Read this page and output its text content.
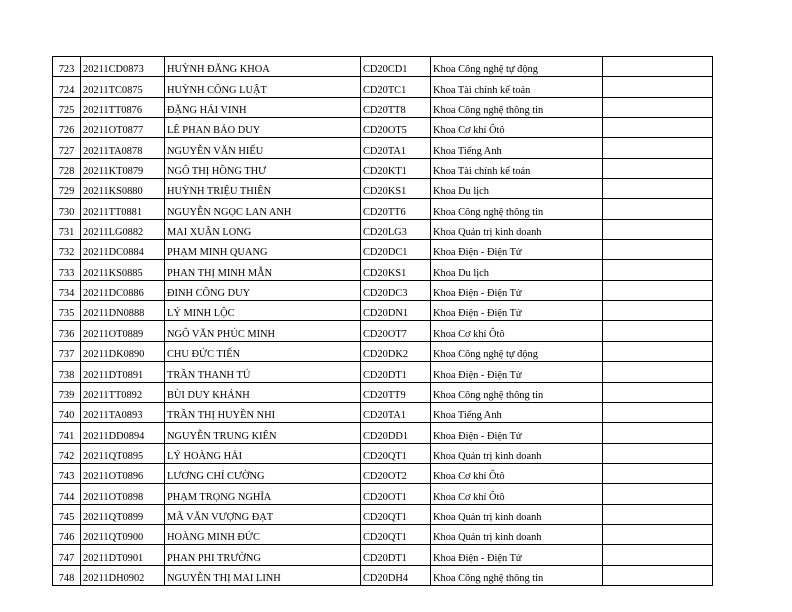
723	20211CD0873	HUỲNH ĐĂNG KHOA	CD20CD1	Khoa Công nghệ tự động	
724	20211TC0875	HUỲNH CÔNG LUẬT	CD20TC1	Khoa Tài chính kế toán	
725	20211TT0876	ĐẶNG HẢI VINH	CD20TT8	Khoa Công nghệ thông tin	
726	20211OT0877	LÊ PHAN BẢO DUY	CD20OT5	Khoa Cơ khí Ôtô	
727	20211TA0878	NGUYỄN VĂN HIẾU	CD20TA1	Khoa Tiếng Anh	
728	20211KT0879	NGÔ THỊ HỒNG THƯ	CD20KT1	Khoa Tài chính kế toán	
729	20211KS0880	HUỲNH TRIỆU THIÊN	CD20KS1	Khoa Du lịch	
730	20211TT0881	NGUYỄN NGỌC LAN ANH	CD20TT6	Khoa Công nghệ thông tin	
731	20211LG0882	MAI XUÂN LONG	CD20LG3	Khoa Quản trị kinh doanh	
732	20211DC0884	PHẠM MINH QUANG	CD20DC1	Khoa Điện - Điện Tử	
733	20211KS0885	PHAN THỊ MINH MẪN	CD20KS1	Khoa Du lịch	
734	20211DC0886	ĐINH CÔNG DUY	CD20DC3	Khoa Điện - Điện Tử	
735	20211DN0888	LÝ MINH LỘC	CD20DN1	Khoa Điện - Điện Tử	
736	20211OT0889	NGÔ VĂN PHÚC MINH	CD20OT7	Khoa Cơ khí Ôtô	
737	20211DK0890	CHU ĐỨC TIẾN	CD20DK2	Khoa Công nghệ tự động	
738	20211DT0891	TRẦN THANH TÚ	CD20DT1	Khoa Điện - Điện Tử	
739	20211TT0892	BÙI DUY KHÁNH	CD20TT9	Khoa Công nghệ thông tin	
740	20211TA0893	TRẦN THỊ HUYỀN NHI	CD20TA1	Khoa Tiếng Anh	
741	20211DD0894	NGUYỄN TRUNG KIÊN	CD20DD1	Khoa Điện - Điện Tử	
742	20211QT0895	LÝ HOÀNG HẢI	CD20QT1	Khoa Quản trị kinh doanh	
743	20211OT0896	LƯƠNG CHÍ CƯỜNG	CD20OT2	Khoa Cơ khí Ôtô	
744	20211OT0898	PHẠM TRỌNG NGHĨA	CD20OT1	Khoa Cơ khí Ôtô	
745	20211QT0899	MÃ VĂN VƯỢNG ĐẠT	CD20QT1	Khoa Quản trị kinh doanh	
746	20211QT0900	HOÀNG MINH ĐỨC	CD20QT1	Khoa Quản trị kinh doanh	
747	20211DT0901	PHAN PHI TRƯỜNG	CD20DT1	Khoa Điện - Điện Tử	
748	20211DH0902	NGUYỄN THỊ MAI LINH	CD20DH4	Khoa Công nghệ thông tin	
